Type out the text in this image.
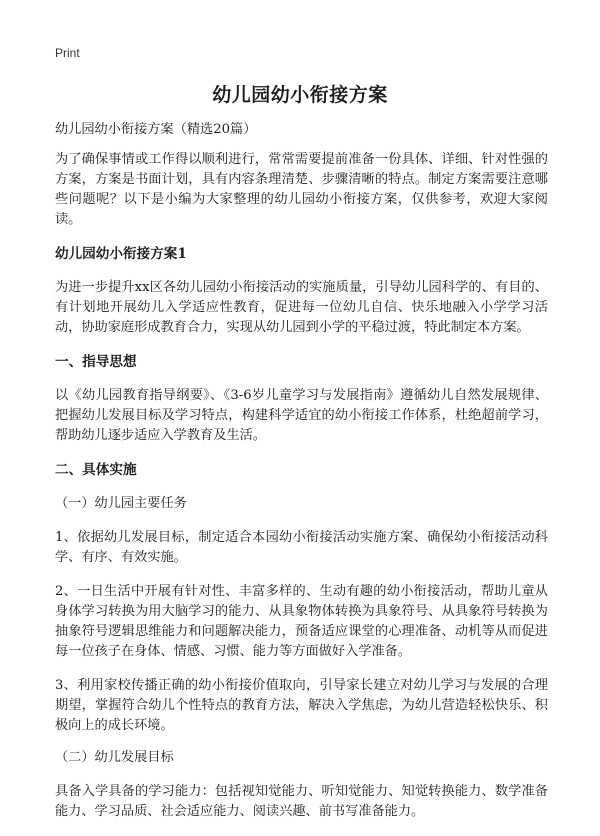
Print
幼儿园幼小衔接方案

幼儿园幼小衔接方案（精选20篇）

为了确保事情或工作得以顺利进行，常常需要提前准备一份具体、详细、针对性强的方案，方案是书面计划，具有内容条理清楚、步骤清晰的特点。制定方案需要注意哪些问题呢？以下是小编为大家整理的幼儿园幼小衔接方案，仅供参考，欢迎大家阅读。

幼儿园幼小衔接方案1

为进一步提升xx区各幼儿园幼小衔接活动的实施质量，引导幼儿园科学的、有目的、有计划地开展幼儿入学适应性教育，促进每一位幼儿自信、快乐地融入小学学习活动，协助家庭形成教育合力，实现从幼儿园到小学的平稳过渡，特此制定本方案。

一、指导思想

以《幼儿园教育指导纲要》、《3-6岁儿童学习与发展指南》遵循幼儿自然发展规律、把握幼儿发展目标及学习特点，构建科学适宜的幼小衔接工作体系，杜绝超前学习，帮助幼儿逐步适应入学教育及生活。

二、具体实施

（一）幼儿园主要任务

1、依据幼儿发展目标，制定适合本园幼小衔接活动实施方案、确保幼小衔接活动科学、有序、有效实施。

2、一日生活中开展有针对性、丰富多样的、生动有趣的幼小衔接活动，帮助儿童从身体学习转换为用大脑学习的能力、从具象物体转换为具象符号、从具象符号转换为抽象符号逻辑思维能力和问题解决能力，预备适应课堂的心理准备、动机等从而促进每一位孩子在身体、情感、习惯、能力等方面做好入学准备。

3、利用家校传播正确的幼小衔接价值取向，引导家长建立对幼儿学习与发展的合理期望，掌握符合幼儿个性特点的教育方法，解决入学焦虑，为幼儿营造轻松快乐、积极向上的成长环境。

（二）幼儿发展目标

具备入学具备的学习能力：包括视知觉能力、听知觉能力、知觉转换能力、数学准备能力、学习品质、社会适应能力、阅读兴趣、前书写准备能力。
